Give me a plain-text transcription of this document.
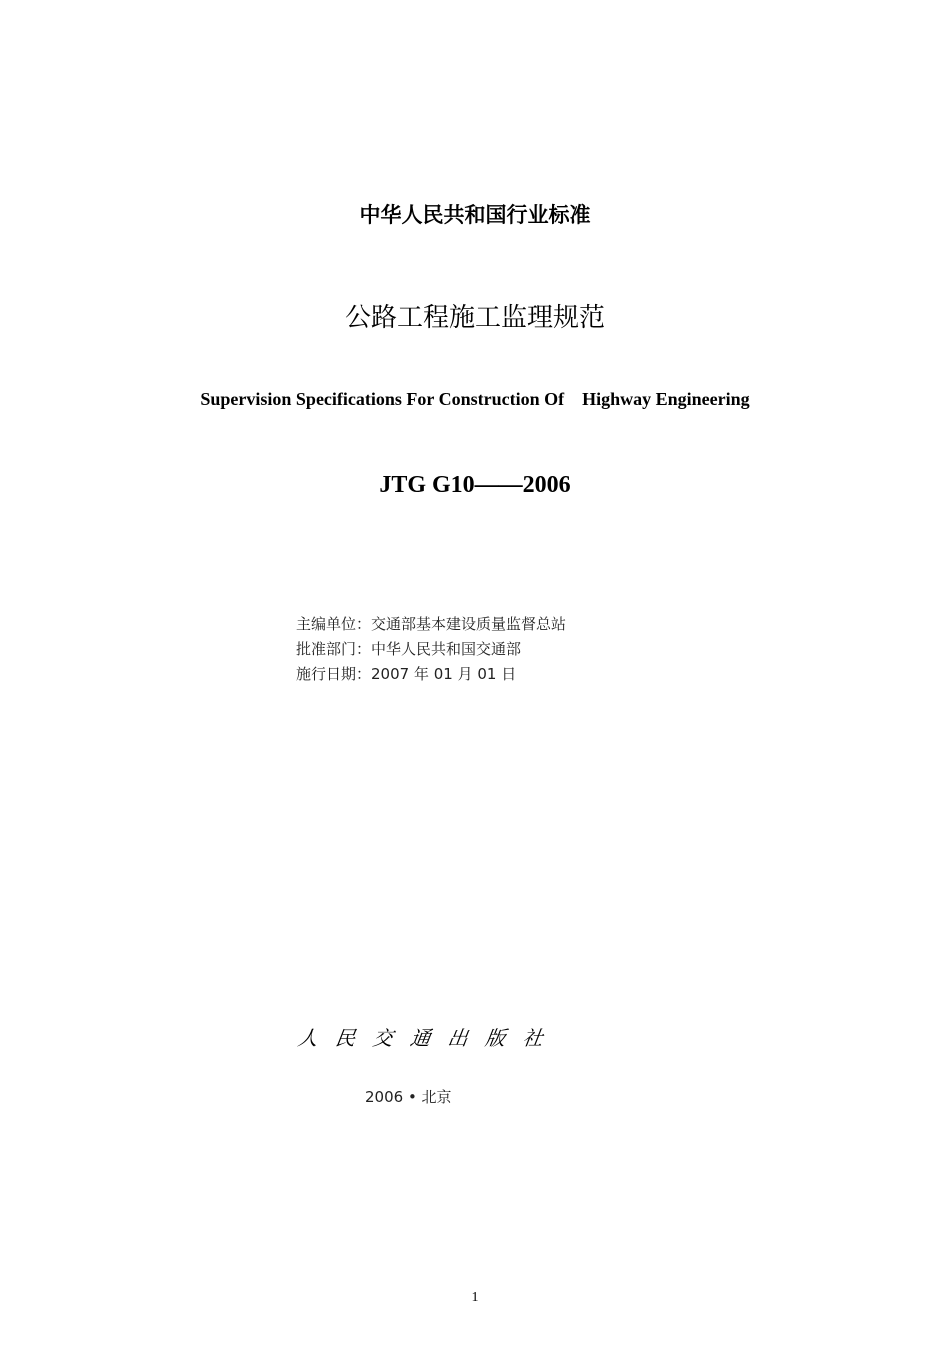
中华人民共和国行业标准
公路工程施工监理规范
Supervision Specifications For Construction Of    Highway Engineering
JTG G10——2006
主编单位：交通部基本建设质量监督总站
批准部门：中华人民共和国交通部
施行日期：2007 年 01 月 01 日
人 民 交 通 出 版 社
2006 • 北京
1
